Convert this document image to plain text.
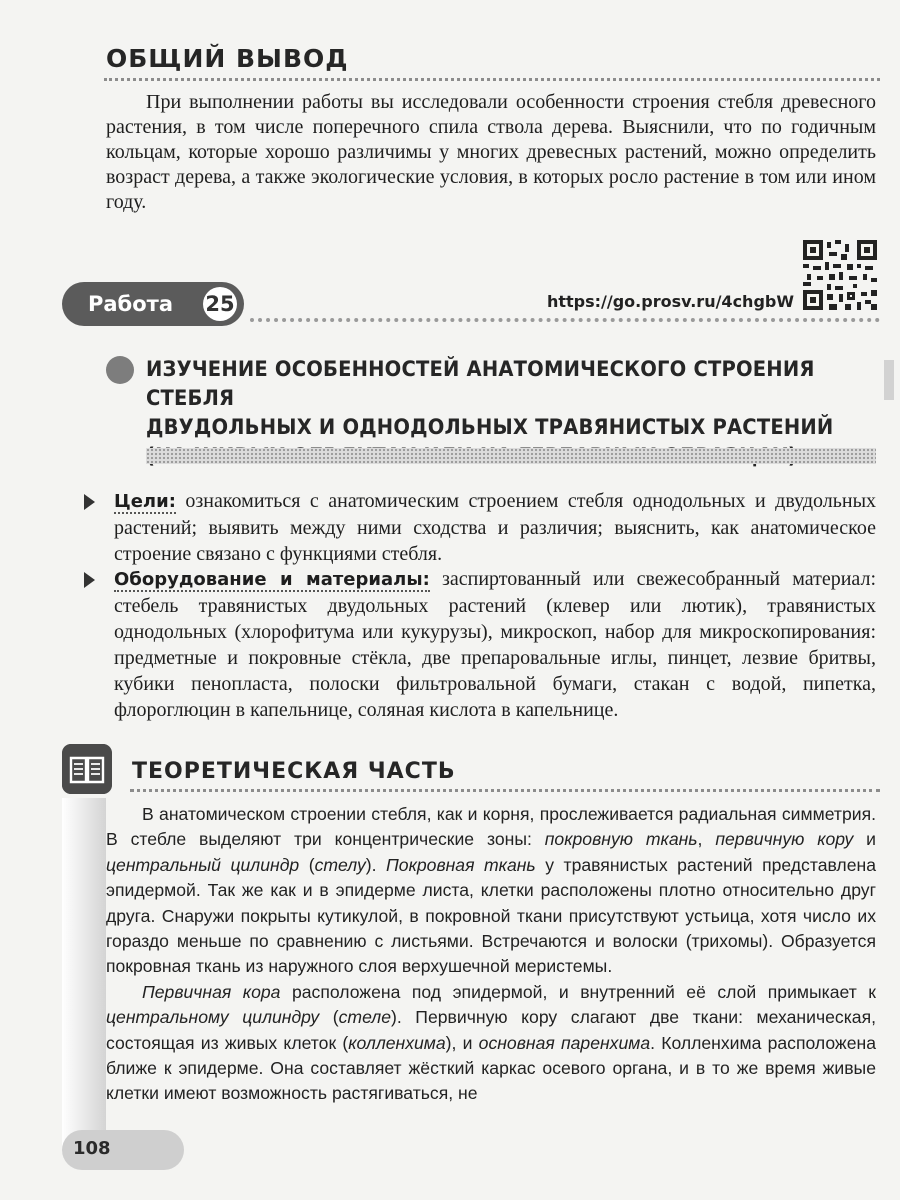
ОБЩИЙ ВЫВОД

При выполнении работы вы исследовали особенности строения стебля древесного растения, в том числе поперечного спила ствола дерева. Выяснили, что по годичным кольцам, которые хорошо различимы у многих древесных растений, можно определить возраст дерева, а также экологические условия, в которых росло растение в том или ином году.

Работа 25	https://go.prosv.ru/4chgbW
ИЗУЧЕНИЕ ОСОБЕННОСТЕЙ АНАТОМИЧЕСКОГО СТРОЕНИЯ СТЕБЛЯ
ДВУДОЛЬНЫХ И ОДНОДОЛЬНЫХ ТРАВЯНИСТЫХ РАСТЕНИЙ

Цели: ознакомиться с анатомическим строением стебля однодольных и двудольных растений; выявить между ними сходства и различия; выяснить, как анатомическое строение связано с функциями стебля.

Оборудование и материалы: заспиртованный или свежесобранный материал: стебель травянистых двудольных растений (клевер или лютик), травянистых однодольных (хлорофитума или кукурузы), микроскоп, набор для микроскопирования: предметные и покровные стёкла, две препаровальные иглы, пинцет, лезвие бритвы, кубики пенопласта, полоски фильтровальной бумаги, стакан с водой, пипетка, флороглюцин в капельнице, соляная кислота в капельнице.

ТЕОРЕТИЧЕСКАЯ ЧАСТЬ

В анатомическом строении стебля, как и корня, прослеживается радиальная симметрия. В стебле выделяют три концентрические зоны: покровную ткань, первичную кору и центральный цилиндр (стелу). Покровная ткань у травянистых растений представлена эпидермой. Так же как и в эпидерме листа, клетки расположены плотно относительно друг друга. Снаружи покрыты кутикулой, в покровной ткани присутствуют устьица, хотя число их гораздо меньше по сравнению с листьями. Встречаются и волоски (трихомы). Образуется покровная ткань из наружного слоя верхушечной меристемы.

Первичная кора расположена под эпидермой, и внутренний её слой примыкает к центральному цилиндру (стеле). Первичную кору слагают две ткани: механическая, состоящая из живых клеток (колленхима), и основная паренхима. Колленхима расположена ближе к эпидерме. Она составляет жёсткий каркас осевого органа, и в то же время живые клетки имеют возможность растягиваться, не

108
